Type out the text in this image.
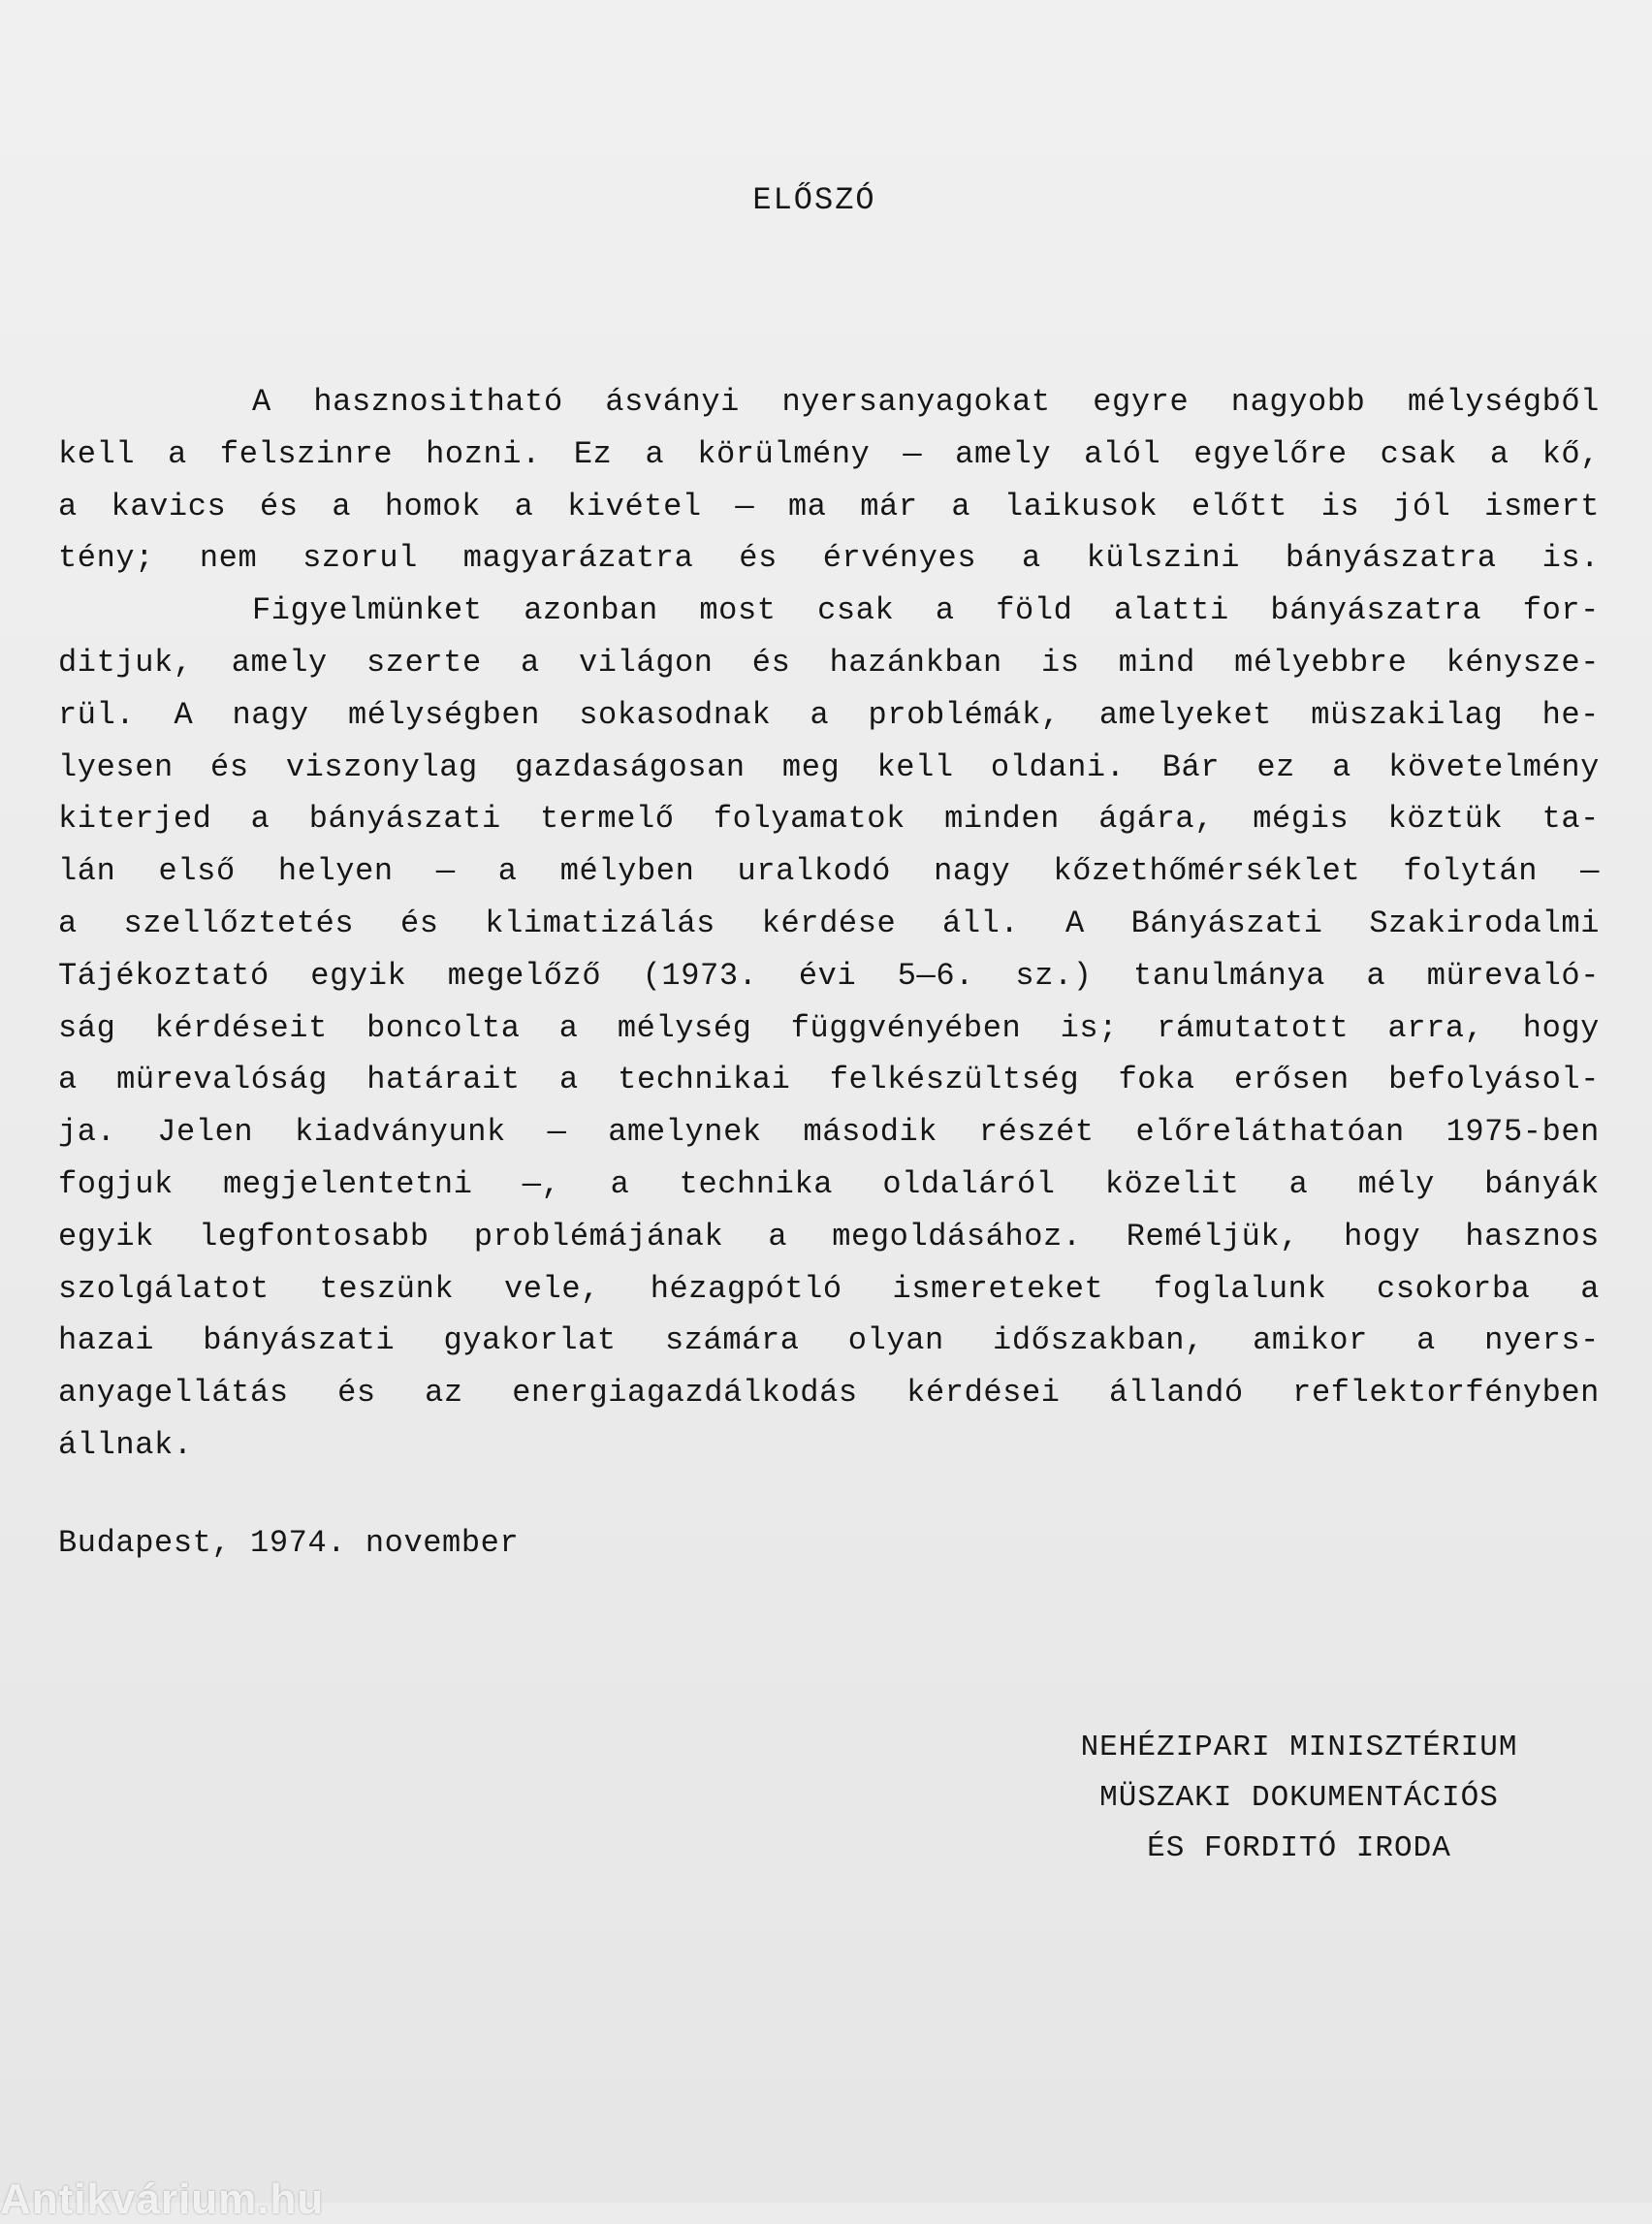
ELŐSZÓ
A hasznositható ásványi nyersanyagokat egyre nagyobb mélységből
kell a felszinre hozni. Ez a körülmény — amely alól egyelőre csak a kő,
a kavics és a homok a kivétel — ma már a laikusok előtt is jól ismert
tény; nem szorul magyarázatra és érvényes a külszini bányászatra is.
Figyelmünket azonban most csak a föld alatti bányászatra for-
ditjuk, amely szerte a világon és hazánkban is mind mélyebbre kénysze-
rül. A nagy mélységben sokasodnak a problémák, amelyeket müszakilag he-
lyesen és viszonylag gazdaságosan meg kell oldani. Bár ez a követelmény
kiterjed a bányászati termelő folyamatok minden ágára, mégis köztük ta-
lán első helyen — a mélyben uralkodó nagy kőzethőmérséklet folytán —
a szellőztetés és klimatizálás kérdése áll. A Bányászati Szakirodalmi
Tájékoztató egyik megelőző (1973. évi 5—6. sz.) tanulmánya a mürevaló-
ság kérdéseit boncolta a mélység függvényében is; rámutatott arra, hogy
a mürevalóság határait a technikai felkészültség foka erősen befolyásol-
ja. Jelen kiadványunk — amelynek második részét előreláthatóan 1975-ben
fogjuk megjelentetni —, a technika oldaláról közelit a mély bányák
egyik legfontosabb problémájának a megoldásához. Reméljük, hogy hasznos
szolgálatot teszünk vele, hézagpótló ismereteket foglalunk csokorba a
hazai bányászati gyakorlat számára olyan időszakban, amikor a nyers-
anyagellátás és az energiagazdálkodás kérdései állandó reflektorfényben
állnak.
Budapest, 1974. november
NEHÉZIPARI MINISZTÉRIUM
MÜSZAKI DOKUMENTÁCIÓS
ÉS FORDITÓ IRODA
Antikvárium.hu
